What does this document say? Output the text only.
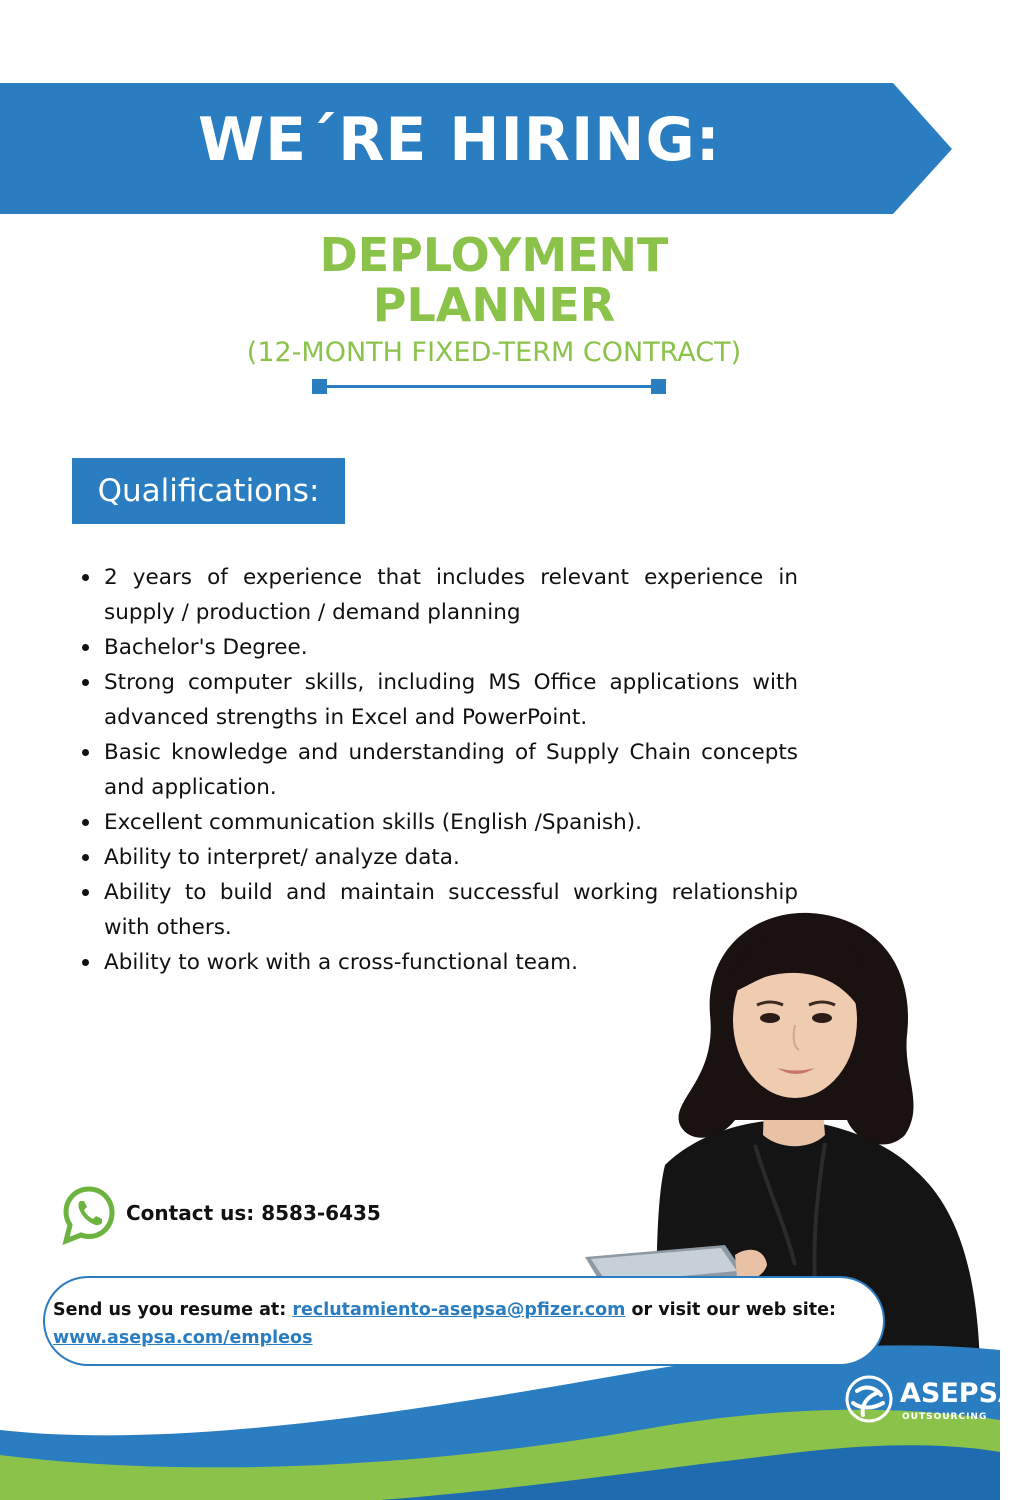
WE´RE HIRING:
DEPLOYMENT
PLANNER
(12-MONTH FIXED-TERM CONTRACT)
Qualifications:
2 years of experience that includes relevant experience in supply / production / demand planning
Bachelor's Degree.
Strong computer skills, including MS Office applications with advanced strengths in Excel and PowerPoint.
Basic knowledge and understanding of Supply Chain concepts and application.
Excellent communication skills (English /Spanish).
Ability to interpret/ analyze data.
Ability to build and maintain successful working relationship with others.
Ability to work with a cross-functional team.
Contact us: 8583-6435
Send us you resume at: reclutamiento-asepsa@pfizer.com or visit our web site:
www.asepsa.com/empleos
ASEPSA
OUTSOURCING
